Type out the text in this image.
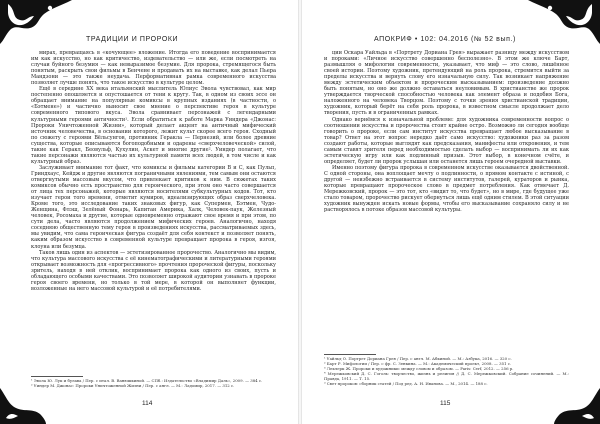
ТРАДИЦИИ И ПРОРОКИ

мирах, превращаясь в «кочующее» вложение. Итогда его поведение воспринимается им как искусство, но как критичество, издевательство — или же, если посмотреть на случаи буйного безумия — как невыразимое безумие. Для пророка, стремящегося быть понятым, раскрыть свои фильмы в Бенчене и продавать их на выставке, как делал Пьера Мандзони — это также неудача. Перформативная рамка современного искусства позволяет лучше понять, что такое искусство в культуре целом.

Ещё в середине XX века итальянский мыслитель Юлиус Эвола чувствовал, как мир постепенно опошляется и опустошается от тени к кругу. Так, в одном из своих эссе он обращает внимание на популярные комиксы в крупных изданиях (в частности, о «Бэтмене») и частично выносит свое мнение о перспективе героя в культуре современного типового вкуса. Эвола сравнивает персонажей с легендарными культурными героями античности¹. Если обратиться к работе Марка Уиндера «Джонас: Пророки Уничтоженной Жизни», который делает акцент на античный мифический источник человечества, в основании которого, лежит культ скорее всего героя. Сходный по сюжету с героями Вёльсунгов, противник Геракла — Пернезий, или более древние существа, которые описываются богоподобными и одарены «сверхчеловеческой» силой, такие как Геракл, Беовульф, Кухулин, Аскет и многие другие². Уиндер полагает, что такие персонажи являются частью их культурной памяти всех людей, в том числе и как культурный образ.

Заслуживает внимание тот факт, что комиксы и фильмы категории B и C, как Пульп, Гриндхаус, Кейдж и другие являются пограничными явлениями, тем самым они остаются отвергнутыми массовым вкусом, что привлекает критиков к ним. В сюжетах таких комиксов обычно есть пространство для героического, при этом оно часто совершается от лица тех персонажей, которые являются носителями субкультурных кодов. Тот, кто изучает герои того времени, отметит кумиров, идеализирующих образ сверхчеловека. Кроме того, это исследование таких знаковых фигур, как Супермен, Бэтмен, Чудо-Женщина, Флэш, Зелёный Фонарь, Капитан Америка, Халк, Человек-паук, Железный человек, Росомаха и другие, которые одновременно отражают свое время и при этом, по сути дела, часто являются продолжением мифических героев. Аналогично, находя соседнюю общественную тему героя в произведениях искусства, рассматриваемых здесь, мы увидим, что сама героическая фигура создаёт для себя контекст и позволяет понять, каким образом искусство в современной культуре превращает пророка в героя, изгоя, клоуна или безумца.

Таков лишь один из аспектов — эстетизированное пророчество. Аналогично мы видим, что культура массового искусства с её кинематографическими и литературными героями открывает возможность для «прогрессивного» прочтения пророческой фигуры, поскольку зритель, находя в ней отклик, воспринимает пророка как одного из своих, пусть и обладающего особыми качествами. Это позволяет широкой аудитории узнавать в пророке героя своего времени, но только в той мере, в которой он выполняет функции, возложенные на него массовой культурой и её потребителями.

¹ Эвола Ю. Лук и булава / Пер. с итал. В. Ванюшкиной. — СПб.: Издательство «Владимир Даль», 2009. — 384 с.
² Уиндер М. Джонас: Пророки Уничтоженной Жизни / Пер. с англ. — М.: Ладомир, 2017. — 312 с.
114
АПОКРИФ • 102: 04.2016 (№ 52 вып.)

ции Оскара Уайльда в «Портрету Дориана Грея» выражает разницу между искусством и пороками: «Личное искусство совершенно бесполезно». В этом же ключе Барт, размышляя о мифологии современности, указывает, что миф — это слово, лишённое своей истории. Поэтому художник, претендующий на роль пророка, стремится выйти за пределы искусства и вернуть слову его изначальную силу. Так возникает напряжение между эстетическим объектом и пророческим высказыванием: произведение должно быть понятым, но оно же должно оставаться неуловимым. В христианстве же пророк утверждается творческой способностью человека как элемент образа и подобия Бога, наложенного на человека Творцом. Поэтому с точки зрения христианской традиции, художник, который берёт на себя роль пророка, в известном смысле продолжает дело творения, пусть и в ограниченных рамках.

Однако вернёмся к изначальной проблеме: для художника современности вопрос о соотношении искусства и пророчества стоит крайне остро. Возможно ли сегодня вообще говорить о пророке, если сам институт искусства превращает любое высказывание в товар? Ответ на этот вопрос нередко даёт само искусство: художники раз за разом создают работы, которые выглядят как предсказания, манифесты или откровения, и тем самым ставят зрителя перед необходимостью сделать выбор — воспринимать ли их как эстетическую игру или как подлинный призыв. Этот выбор, в конечном счёте, и определяет, будет ли пророк услышан или останется лишь героем очередной выставки.

Именно поэтому фигура пророка в современном искусстве оказывается двойственной. С одной стороны, она воплощает мечту о подлинности, о прямом контакте с истиной, с другой — неизбежно встраивается в систему институтов, галерей, кураторов и рынка, которые превращают пророческое слово в предмет потребления. Как отмечает Д. Мережковский, пророк — это тот, кто «видит то, что будет», но в мире, где будущее уже стало товаром, пророчество рискует обернуться лишь ещё одним стилем. В этой ситуации художник вынужден искать новые формы, чтобы его высказывание сохраняло силу и не растворялось в потоке образов массовой культуры.

¹ Уайльд О. Портрет Дориана Грея / Пер. с англ. М. Абкиной. — М.: Азбука, 2016. — 320 с.
² Барт Р. Мифологии / Пер. с фр. С. Зенкина. — М.: Академический проект, 2008. — 351 с.
³ Леклерк Ж. Пророки и художники: между словом и образом. — Paris: Cerf, 2012. — 256 p.
⁴ Мережковский Д. С. Гоголь: творчество, жизнь и религия // Д. С. Мережковский. Собрание сочинений. — М.: Правда, 1911. — Т. 15.
⁵ Свет пророков: сборник статей / Под ред. А. Н. Иванова. — М., 2014. — 188 с.
115
